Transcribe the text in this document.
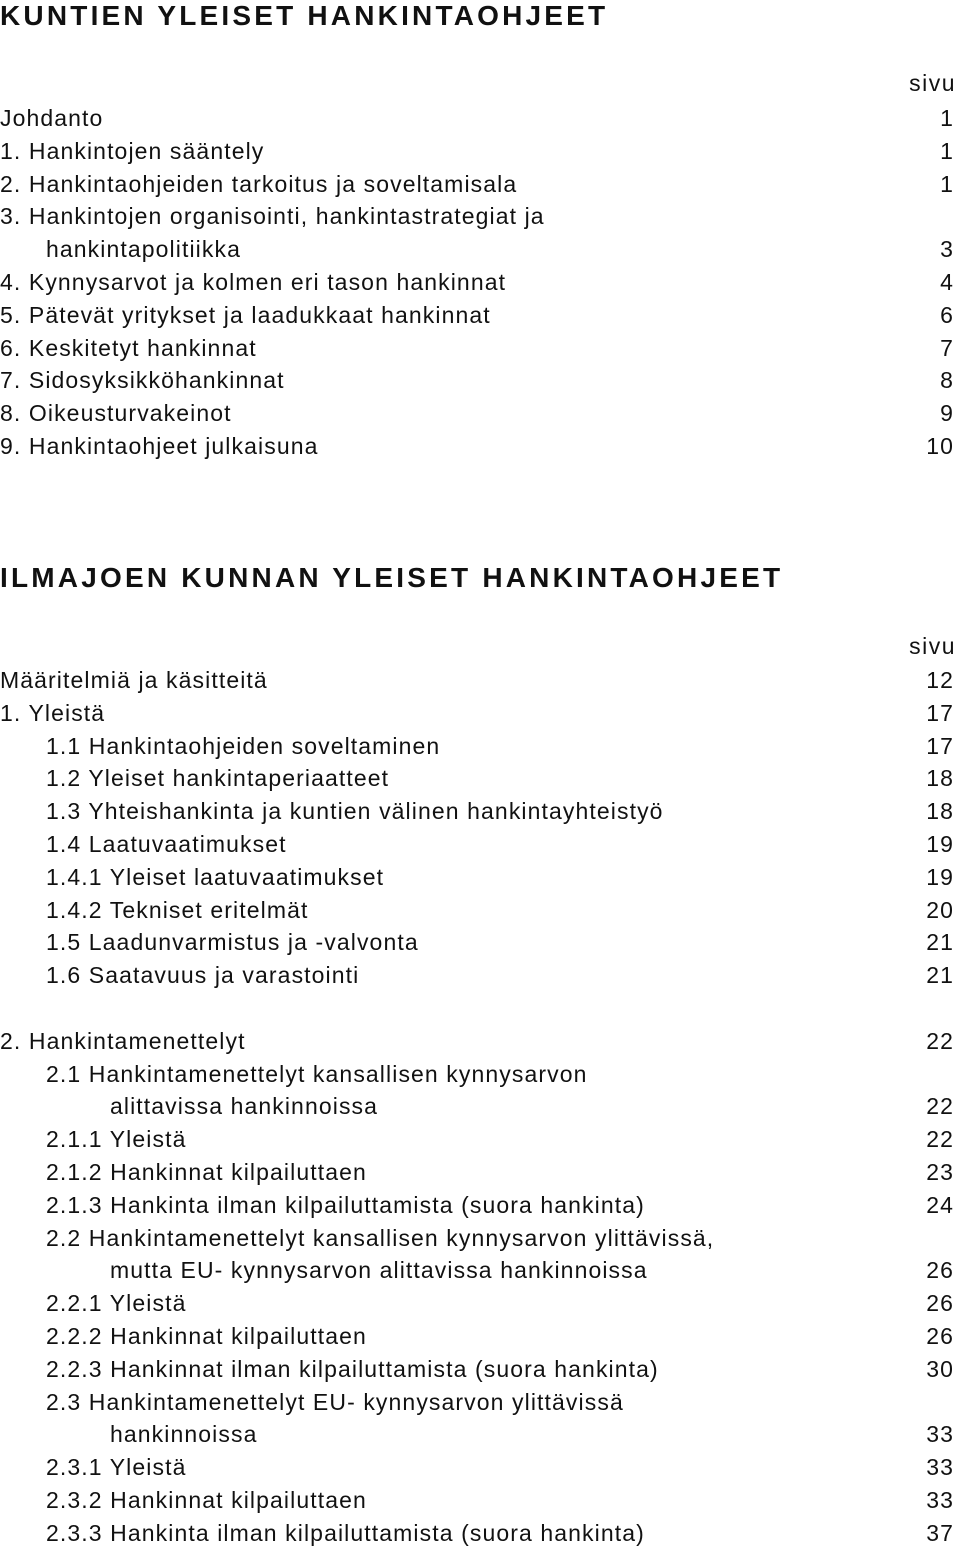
KUNTIEN YLEISET HANKINTAOHJEET
sivu
Johdanto	1
1. Hankintojen sääntely	1
2. Hankintaohjeiden tarkoitus ja soveltamisala	1
3. Hankintojen organisointi, hankintastrategiat ja
hankintapolitiikka	3
4. Kynnysarvot ja kolmen eri tason hankinnat	4
5. Pätevät yritykset ja laadukkaat hankinnat	6
6. Keskitetyt hankinnat	7
7. Sidosyksikköhankinnat	8
8. Oikeusturvakeinot	9
9. Hankintaohjeet julkaisuna	10
ILMAJOEN KUNNAN YLEISET HANKINTAOHJEET
sivu
Määritelmiä ja käsitteitä	12
1. Yleistä	17
1.1 Hankintaohjeiden soveltaminen	17
1.2 Yleiset hankintaperiaatteet	18
1.3 Yhteishankinta ja kuntien välinen hankintayhteistyö	18
1.4 Laatuvaatimukset	19
1.4.1 Yleiset laatuvaatimukset	19
1.4.2 Tekniset eritelmät	20
1.5 Laadunvarmistus ja -valvonta	21
1.6 Saatavuus ja varastointi	21
2. Hankintamenettelyt	22
2.1 Hankintamenettelyt kansallisen kynnysarvon
alittavissa hankinnoissa	22
2.1.1 Yleistä	22
2.1.2 Hankinnat kilpailuttaen	23
2.1.3 Hankinta ilman kilpailuttamista (suora hankinta)	24
2.2 Hankintamenettelyt kansallisen kynnysarvon ylittävissä,
mutta EU- kynnysarvon alittavissa hankinnoissa	26
2.2.1 Yleistä	26
2.2.2 Hankinnat kilpailuttaen	26
2.2.3 Hankinnat ilman kilpailuttamista (suora hankinta)	30
2.3 Hankintamenettelyt EU- kynnysarvon ylittävissä
hankinnoissa	33
2.3.1 Yleistä	33
2.3.2 Hankinnat kilpailuttaen	33
2.3.3 Hankinta ilman kilpailuttamista (suora hankinta)	37
